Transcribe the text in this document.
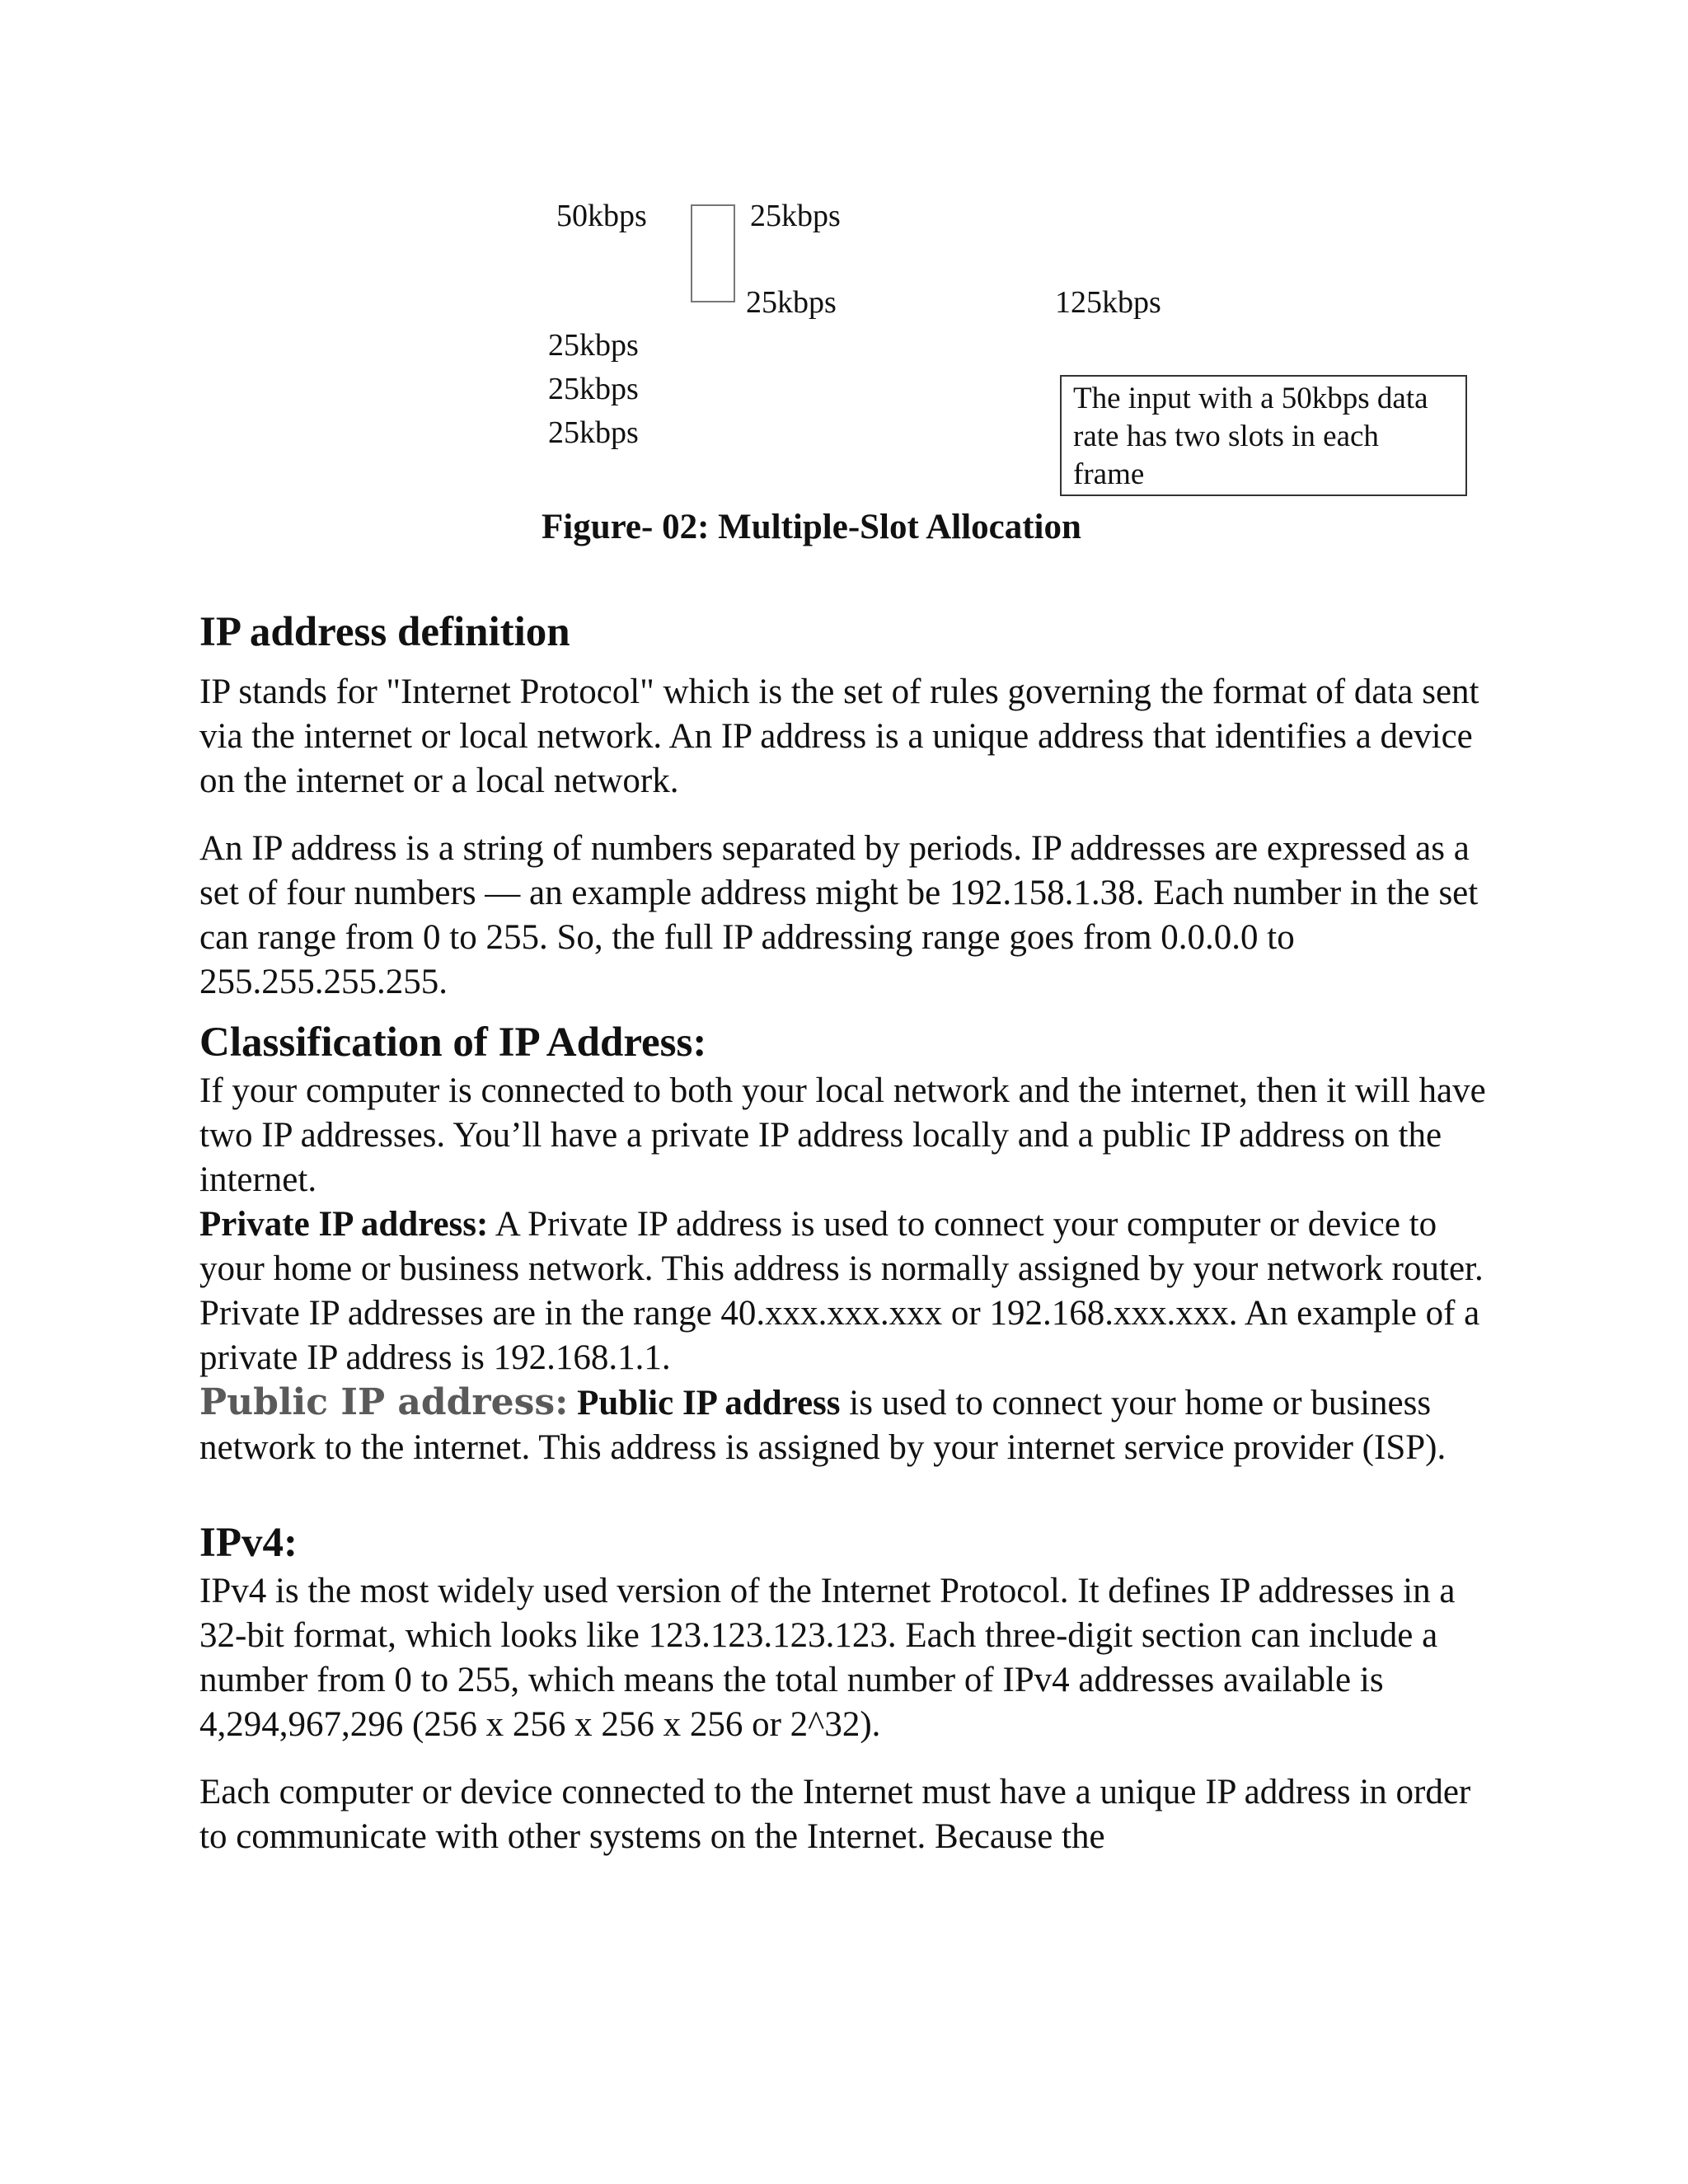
50kbps	25kbps
25kbps	125kbps
25kbps
25kbps
25kbps
The input with a 50kbps data rate has two slots in each frame
Figure- 02: Multiple-Slot Allocation
IP address definition

IP stands for "Internet Protocol" which is the set of rules governing the format of data sent via the internet or local network. An IP address is a unique address that identifies a device on the internet or a local network.

An IP address is a string of numbers separated by periods. IP addresses are expressed as a set of four numbers — an example address might be 192.158.1.38. Each number in the set can range from 0 to 255. So, the full IP addressing range goes from 0.0.0.0 to 255.255.255.255.

Classification of IP Address:

If your computer is connected to both your local network and the internet, then it will have two IP addresses. You’ll have a private IP address locally and a public IP address on the internet.

Private IP address: A Private IP address is used to connect your computer or device to your home or business network. This address is normally assigned by your network router.

Private IP addresses are in the range 40.xxx.xxx.xxx or 192.168.xxx.xxx. An example of a private IP address is 192.168.1.1.

Public IP address: Public IP address is used to connect your home or business network to the internet. This address is assigned by your internet service provider (ISP).

IPv4:

IPv4 is the most widely used version of the Internet Protocol. It defines IP addresses in a 32-bit format, which looks like 123.123.123.123. Each three-digit section can include a number from 0 to 255, which means the total number of IPv4 addresses available is 4,294,967,296 (256 x 256 x 256 x 256 or 2^32).

Each computer or device connected to the Internet must have a unique IP address in order to communicate with other systems on the Internet. Because the
